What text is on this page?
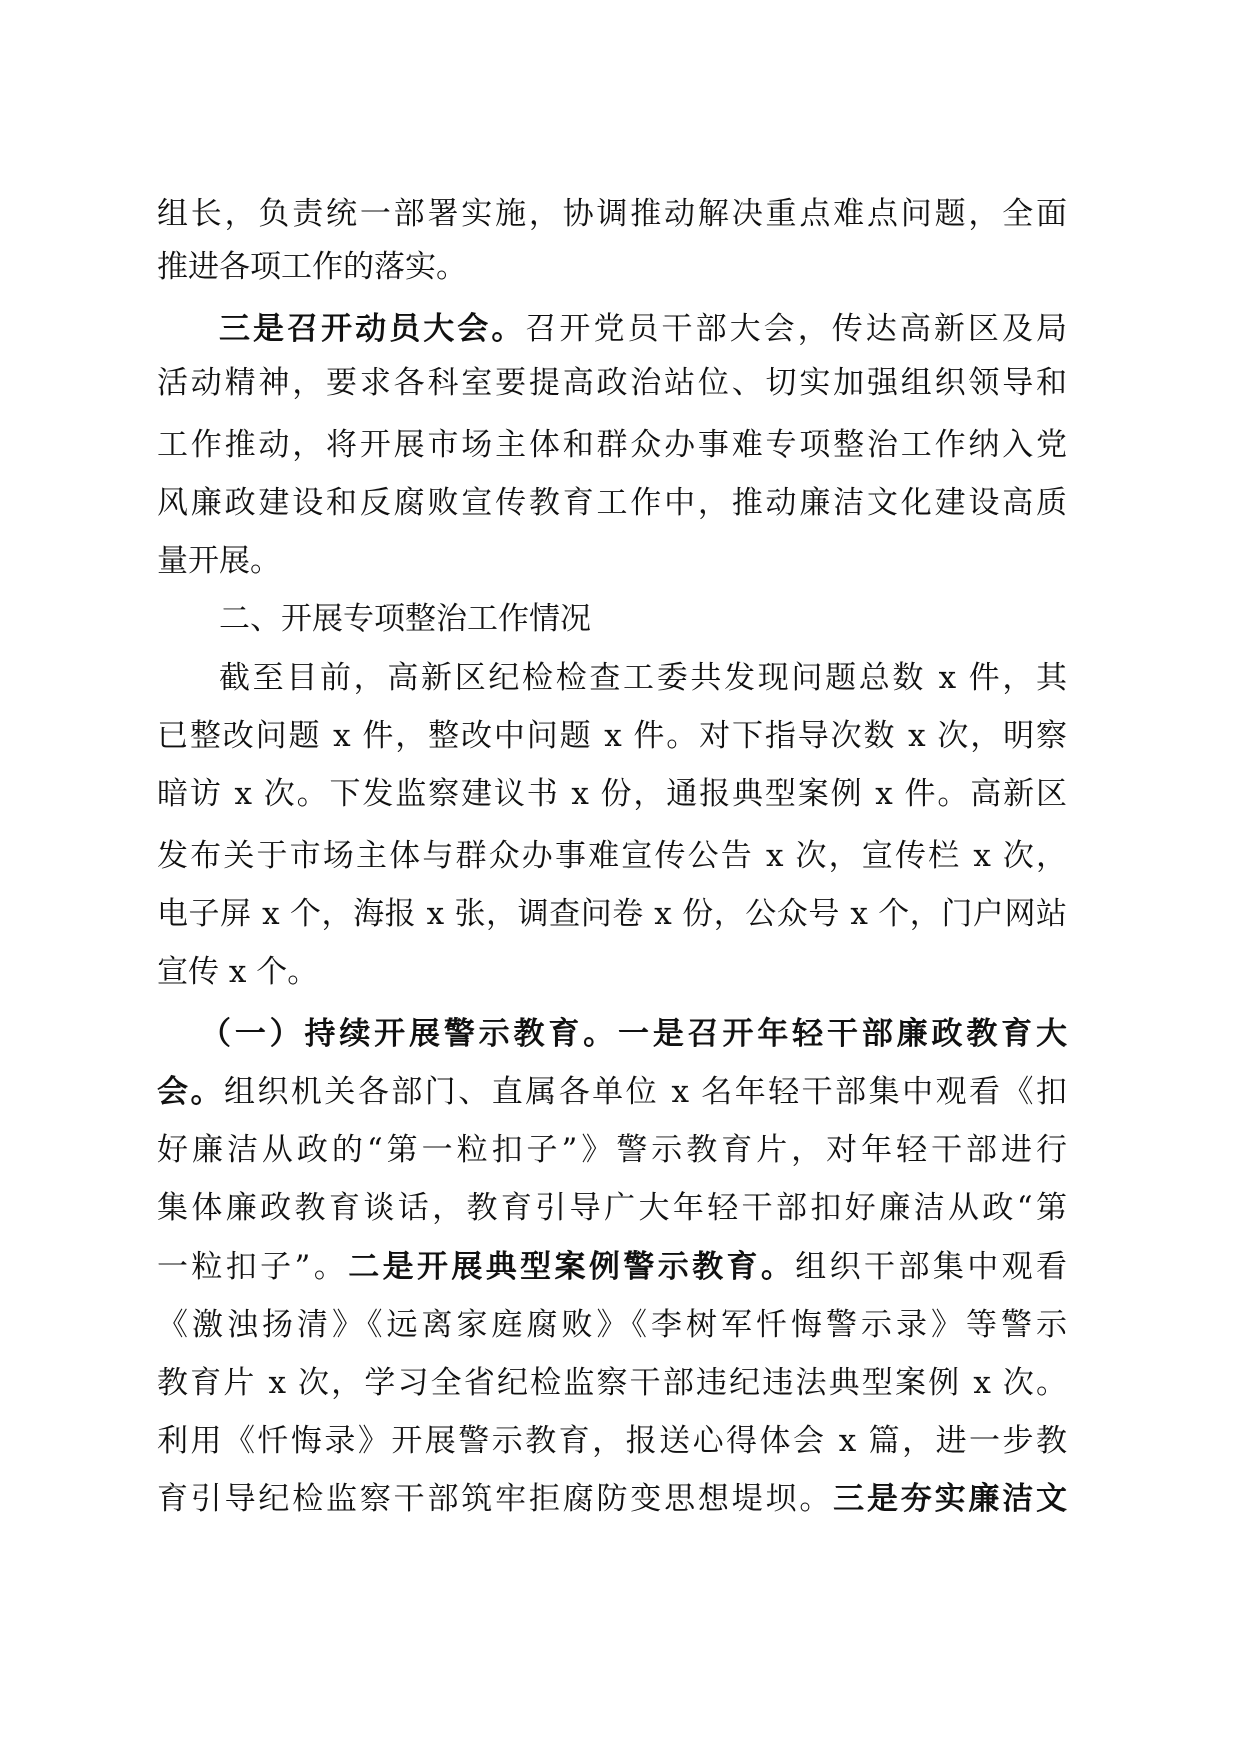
组长，负责统一部署实施，协调推动解决重点难点问题，全面
推进各项工作的落实。
三是召开动员大会。召开党员干部大会，传达高新区及局
活动精神，要求各科室要提高政治站位、切实加强组织领导和
工作推动，将开展市场主体和群众办事难专项整治工作纳入党
风廉政建设和反腐败宣传教育工作中，推动廉洁文化建设高质
量开展。
二、开展专项整治工作情况
截至目前，高新区纪检检查工委共发现问题总数 x 件，其
已整改问题 x 件，整改中问题 x 件。对下指导次数 x 次，明察
暗访 x 次。下发监察建议书 x 份，通报典型案例 x 件。高新区
发布关于市场主体与群众办事难宣传公告 x 次，宣传栏 x 次，
电子屏 x 个，海报 x 张，调查问卷 x 份，公众号 x 个，门户网站
宣传 x 个。
（一）持续开展警示教育。一是召开年轻干部廉政教育大
会。组织机关各部门、直属各单位 x 名年轻干部集中观看《扣
好廉洁从政的“第一粒扣子”》警示教育片，对年轻干部进行
集体廉政教育谈话，教育引导广大年轻干部扣好廉洁从政“第
一粒扣子”。二是开展典型案例警示教育。组织干部集中观看
《激浊扬清》《远离家庭腐败》《李树军忏悔警示录》等警示
教育片 x 次，学习全省纪检监察干部违纪违法典型案例 x 次。
利用《忏悔录》开展警示教育，报送心得体会 x 篇，进一步教
育引导纪检监察干部筑牢拒腐防变思想堤坝。三是夯实廉洁文
